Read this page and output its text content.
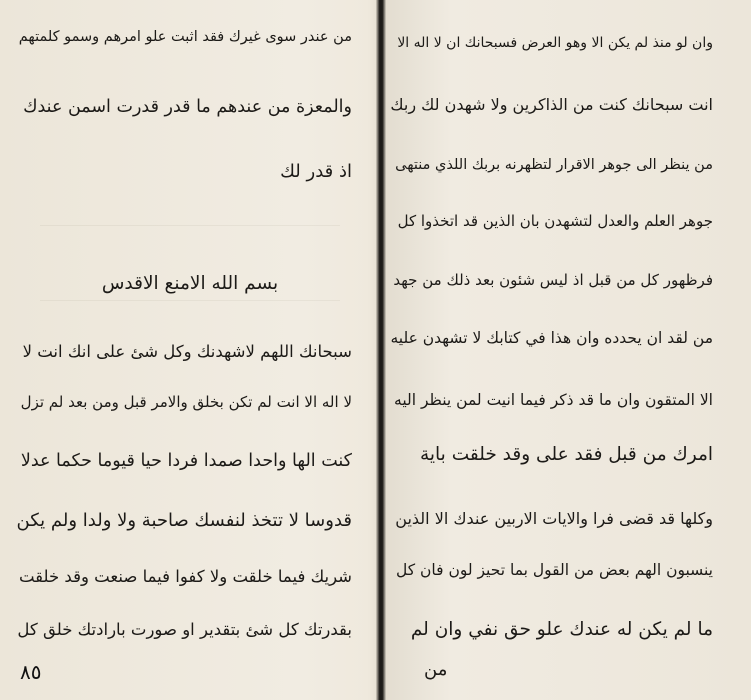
من عندر سوى غيرك فقد اثبت علو امرهم وسمو كلمتهم
والمعزة من عندهم ما قدر قدرت اسمن عندك
اذ قدر لك
بسم الله الامنع الاقدس
سبحانك اللهم لاشهدنك وكل شئ على انك انت لا
لا اله الا انت لم تكن بخلق والامر قبل ومن بعد لم تزل
كنت الها واحدا صمدا فردا حيا قيوما حكما عدلا
قدوسا لا تتخذ لنفسك صاحبة ولا ولدا ولم يكن
شريك فيما خلقت ولا كفوا فيما صنعت وقد خلقت
بقدرتك كل شئ بتقدير او صورت بارادتك خلق كل
٨٥
وان لو منذ لم يكن الا وهو العرض فسبحانك ان لا اله الا
انت سبحانك كنت من الذاكرين ولا شهدن لك ربك
من ينظر الى جوهر الاقرار لتظهرنه بربك اللذي منتهى
جوهر العلم والعدل لتشهدن بان الذين قد اتخذوا كل
فرظهور كل من قبل اذ ليس شئون بعد ذلك من جهد
من لقد ان يحدده وان هذا في كتابك لا تشهدن عليه
الا المتقون وان ما قد ذكر فيما انيت لمن ينظر اليه
امرك من قبل فقد على وقد خلقت باية
وكلها قد قضى فرا والايات الاربين عندك الا الذين
ينسبون الهم بعض من القول بما تحيز لون فان كل
ما لم يكن له عندك علو حق نفي وان لم
من
